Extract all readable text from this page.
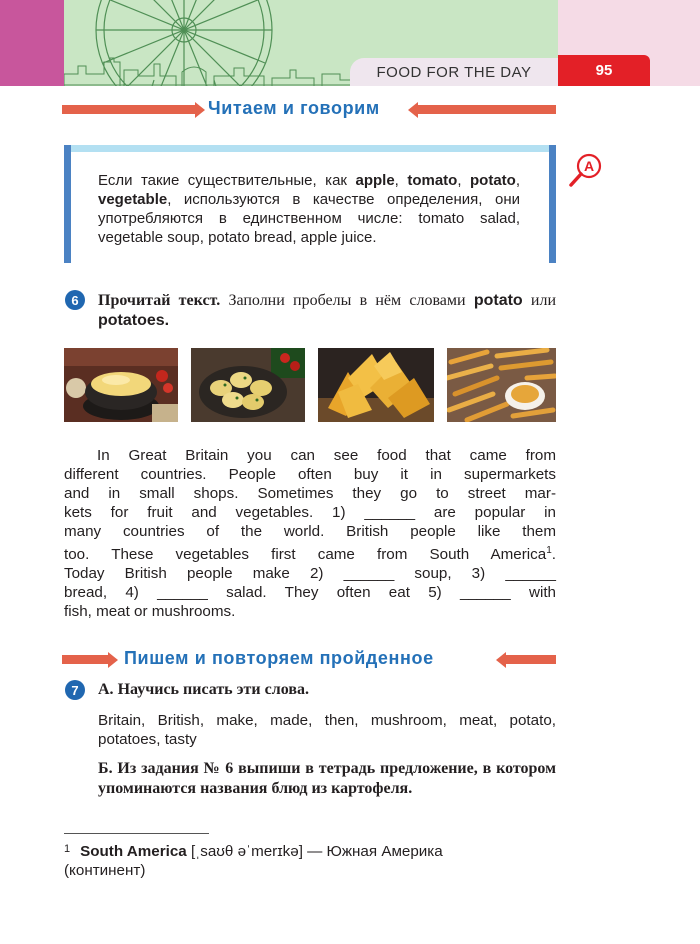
FOOD FOR THE DAY	95
Читаем и говорим
Если такие существительные, как apple, tomato, potato, vegetable, используются в качестве определения, они употребляются в единственном числе: tomato salad, vegetable soup, potato bread, apple juice.
A
6	Прочитай текст. Заполни пробелы в нём словами potato или potatoes.
In Great Britain you can see food that came from
different countries. People often buy it in supermarkets
and in small shops. Sometimes they go to street mar-
kets for fruit and vegetables. 1) ______ are popular in
many countries of the world. British people like them
too. These vegetables first came from South America$^1$.
Today British people make 2) ______ soup, 3) ______
bread, 4) ______ salad. They often eat 5) ______ with
fish, meat or mushrooms.
Пишем и повторяем пройденное
7	А. Научись писать эти слова.
Britain, British, make, made, then, mushroom, meat, potato, potatoes, tasty
Б. Из задания № 6 выпиши в тетрадь предложение, в котором упоминаются названия блюд из картофеля.
$^1$ South America [ˌsaʊθ əˈmerɪkə] — Южная Америка
(континент)
